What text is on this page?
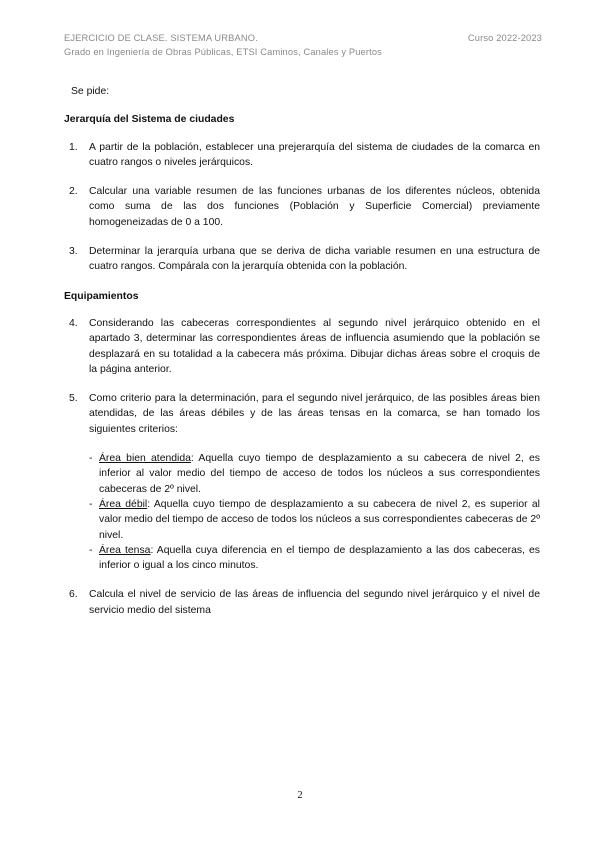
EJERCICIO DE CLASE. SISTEMA URBANO.	Curso 2022-2023
Grado en Ingeniería de Obras Públicas, ETSI Caminos, Canales y Puertos
Se pide:
Jerarquía del Sistema de ciudades
1.	A partir de la población, establecer una prejerarquía del sistema de ciudades de la comarca en cuatro rangos o niveles jerárquicos.
2.	Calcular una variable resumen de las funciones urbanas de los diferentes núcleos, obtenida como suma de las dos funciones (Población y Superficie Comercial) previamente homogeneizadas de 0 a 100.
3.	Determinar la jerarquía urbana que se deriva de dicha variable resumen en una estructura de cuatro rangos. Compárala con la jerarquía obtenida con la población.
Equipamientos
4.	Considerando las cabeceras correspondientes al segundo nivel jerárquico obtenido en el apartado 3, determinar las correspondientes áreas de influencia asumiendo que la población se desplazará en su totalidad a la cabecera más próxima. Dibujar dichas áreas sobre el croquis de la página anterior.
5.	Como criterio para la determinación, para el segundo nivel jerárquico, de las posibles áreas bien atendidas, de las áreas débiles y de las áreas tensas en la comarca, se han tomado los siguientes criterios:
- Área bien atendida: Aquella cuyo tiempo de desplazamiento a su cabecera de nivel 2, es inferior al valor medio del tiempo de acceso de todos los núcleos a sus correspondientes cabeceras de 2º nivel.
- Área débil: Aquella cuyo tiempo de desplazamiento a su cabecera de nivel 2, es superior al valor medio del tiempo de acceso de todos los núcleos a sus correspondientes cabeceras de 2º nivel.
- Área tensa: Aquella cuya diferencia en el tiempo de desplazamiento a las dos cabeceras, es inferior o igual a los cinco minutos.
6.	Calcula el nivel de servicio de las áreas de influencia del segundo nivel jerárquico y el nivel de servicio medio del sistema
2
